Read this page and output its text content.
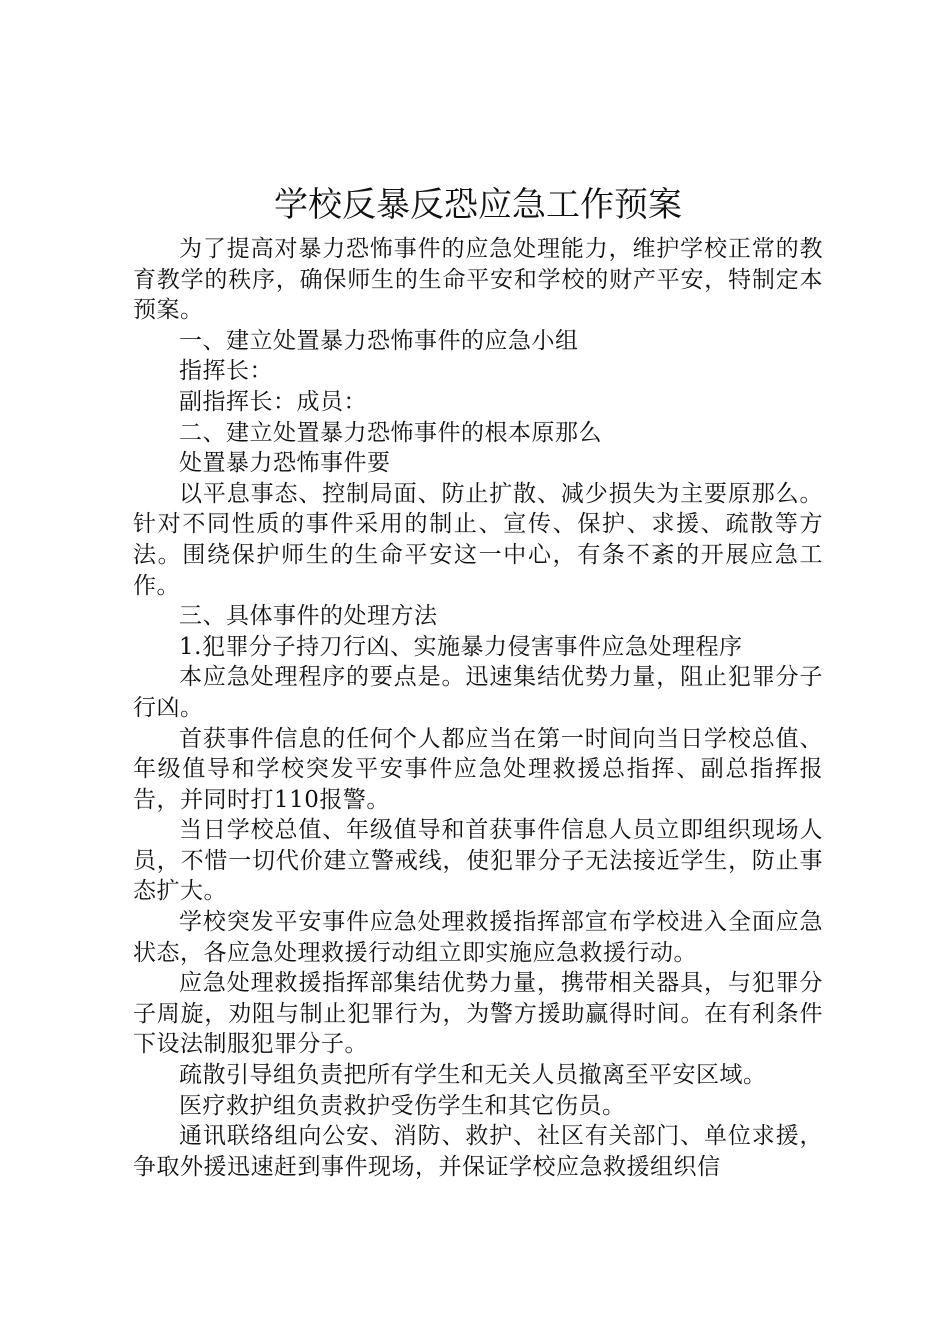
学校反暴反恐应急工作预案

为了提高对暴力恐怖事件的应急处理能力，维护学校正常的教育教学的秩序，确保师生的生命平安和学校的财产平安，特制定本预案。

一、建立处置暴力恐怖事件的应急小组

指挥长：

副指挥长：成员：

二、建立处置暴力恐怖事件的根本原那么

处置暴力恐怖事件要

以平息事态、控制局面、防止扩散、减少损失为主要原那么。针对不同性质的事件采用的制止、宣传、保护、求援、疏散等方法。围绕保护师生的生命平安这一中心，有条不紊的开展应急工作。

三、具体事件的处理方法

1.犯罪分子持刀行凶、实施暴力侵害事件应急处理程序

本应急处理程序的要点是。迅速集结优势力量，阻止犯罪分子行凶。

首获事件信息的任何个人都应当在第一时间向当日学校总值、年级值导和学校突发平安事件应急处理救援总指挥、副总指挥报告，并同时打110报警。

当日学校总值、年级值导和首获事件信息人员立即组织现场人员，不惜一切代价建立警戒线，使犯罪分子无法接近学生，防止事态扩大。

学校突发平安事件应急处理救援指挥部宣布学校进入全面应急状态，各应急处理救援行动组立即实施应急救援行动。

应急处理救援指挥部集结优势力量，携带相关器具，与犯罪分子周旋，劝阻与制止犯罪行为，为警方援助赢得时间。在有利条件下设法制服犯罪分子。

疏散引导组负责把所有学生和无关人员撤离至平安区域。

医疗救护组负责救护受伤学生和其它伤员。

通讯联络组向公安、消防、救护、社区有关部门、单位求援，争取外援迅速赶到事件现场，并保证学校应急救援组织信
